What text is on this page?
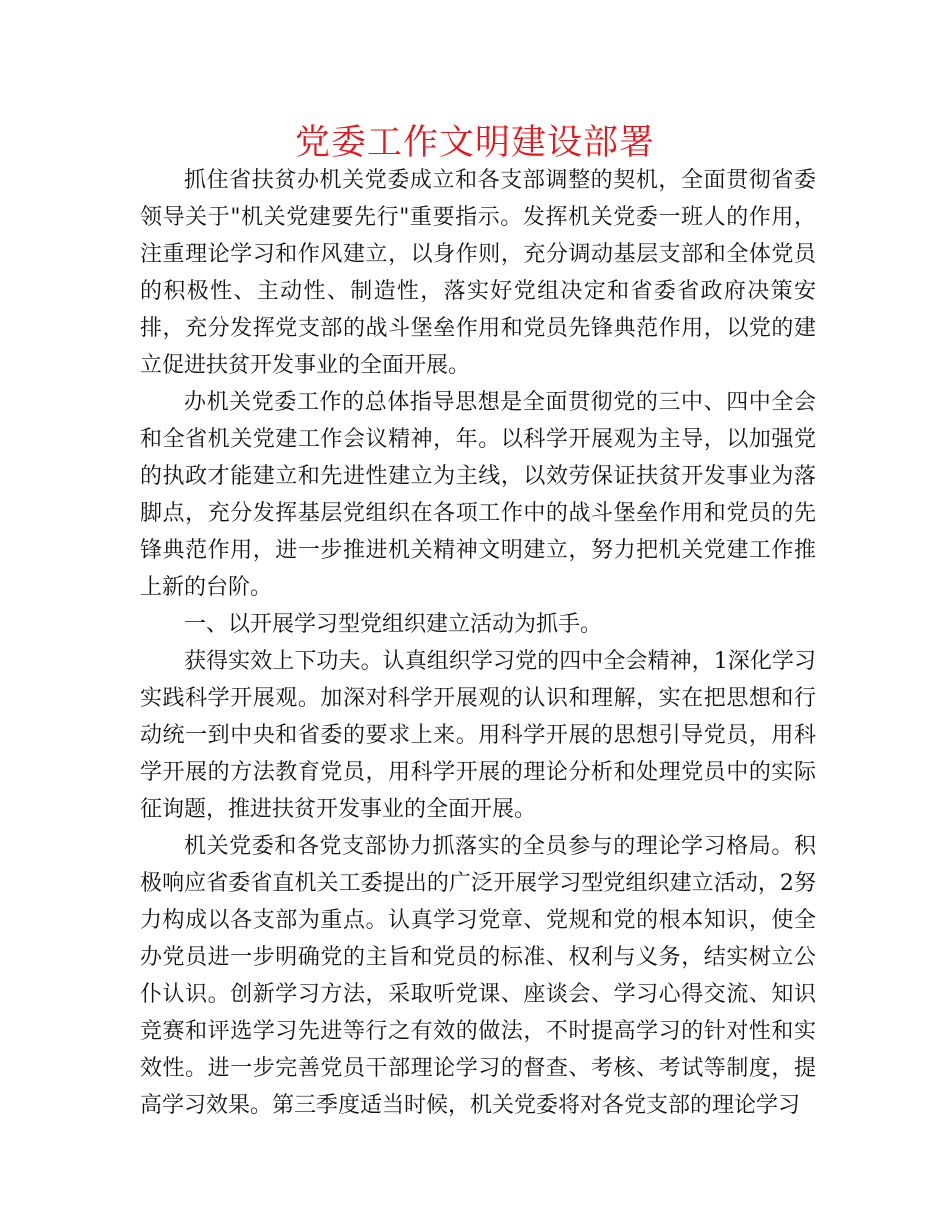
党委工作文明建设部署

抓住省扶贫办机关党委成立和各支部调整的契机，全面贯彻省委领导关于"机关党建要先行"重要指示。发挥机关党委一班人的作用，注重理论学习和作风建立，以身作则，充分调动基层支部和全体党员的积极性、主动性、制造性，落实好党组决定和省委省政府决策安排，充分发挥党支部的战斗堡垒作用和党员先锋典范作用，以党的建立促进扶贫开发事业的全面开展。

办机关党委工作的总体指导思想是全面贯彻党的三中、四中全会和全省机关党建工作会议精神，年。以科学开展观为主导，以加强党的执政才能建立和先进性建立为主线，以效劳保证扶贫开发事业为落脚点，充分发挥基层党组织在各项工作中的战斗堡垒作用和党员的先锋典范作用，进一步推进机关精神文明建立，努力把机关党建工作推上新的台阶。

一、以开展学习型党组织建立活动为抓手。

获得实效上下功夫。认真组织学习党的四中全会精神，1深化学习实践科学开展观。加深对科学开展观的认识和理解，实在把思想和行动统一到中央和省委的要求上来。用科学开展的思想引导党员，用科学开展的方法教育党员，用科学开展的理论分析和处理党员中的实际征询题，推进扶贫开发事业的全面开展。

机关党委和各党支部协力抓落实的全员参与的理论学习格局。积极响应省委省直机关工委提出的广泛开展学习型党组织建立活动，2努力构成以各支部为重点。认真学习党章、党规和党的根本知识，使全办党员进一步明确党的主旨和党员的标准、权利与义务，结实树立公仆认识。创新学习方法，采取听党课、座谈会、学习心得交流、知识竞赛和评选学习先进等行之有效的做法，不时提高学习的针对性和实效性。进一步完善党员干部理论学习的督查、考核、考试等制度，提高学习效果。第三季度适当时候，机关党委将对各党支部的理论学习
